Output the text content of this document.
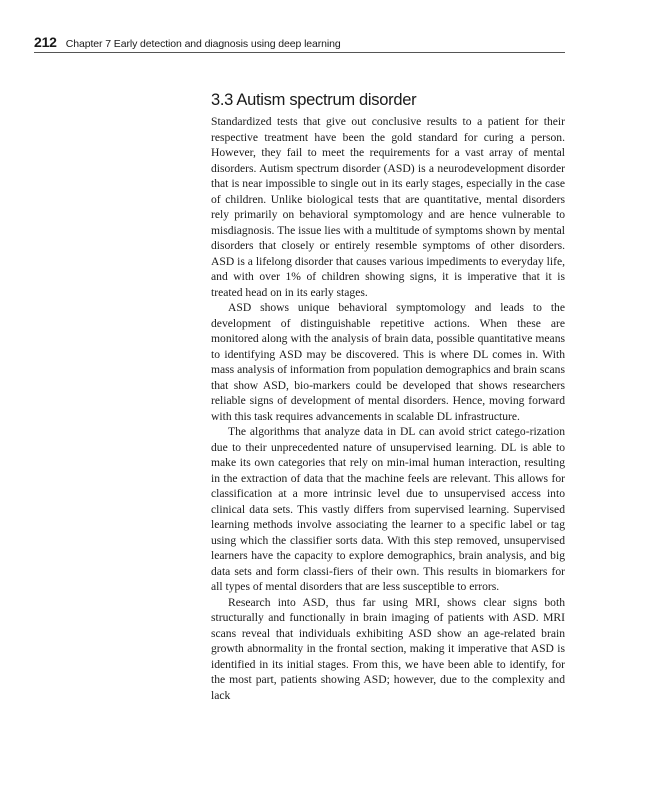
212 Chapter 7 Early detection and diagnosis using deep learning
3.3 Autism spectrum disorder

Standardized tests that give out conclusive results to a patient for their respective treatment have been the gold standard for curing a person. However, they fail to meet the requirements for a vast array of mental disorders. Autism spectrum disorder (ASD) is a neurodevelopment disorder that is near impossible to single out in its early stages, especially in the case of children. Unlike biological tests that are quantitative, mental disorders rely primarily on behavioral symptomology and are hence vulnerable to misdiagnosis. The issue lies with a multitude of symptoms shown by mental disorders that closely or entirely resemble symptoms of other disorders. ASD is a lifelong disorder that causes various impediments to everyday life, and with over 1% of children showing signs, it is imperative that it is treated head on in its early stages.

ASD shows unique behavioral symptomology and leads to the development of distinguishable repetitive actions. When these are monitored along with the analysis of brain data, possible quantitative means to identifying ASD may be discovered. This is where DL comes in. With mass analysis of information from population demographics and brain scans that show ASD, bio-markers could be developed that shows researchers reliable signs of development of mental disorders. Hence, moving forward with this task requires advancements in scalable DL infrastructure.

The algorithms that analyze data in DL can avoid strict catego-rization due to their unprecedented nature of unsupervised learning. DL is able to make its own categories that rely on min-imal human interaction, resulting in the extraction of data that the machine feels are relevant. This allows for classification at a more intrinsic level due to unsupervised access into clinical data sets. This vastly differs from supervised learning. Supervised learning methods involve associating the learner to a specific label or tag using which the classifier sorts data. With this step removed, unsupervised learners have the capacity to explore demographics, brain analysis, and big data sets and form classi-fiers of their own. This results in biomarkers for all types of mental disorders that are less susceptible to errors.

Research into ASD, thus far using MRI, shows clear signs both structurally and functionally in brain imaging of patients with ASD. MRI scans reveal that individuals exhibiting ASD show an age-related brain growth abnormality in the frontal section, making it imperative that ASD is identified in its initial stages. From this, we have been able to identify, for the most part, patients showing ASD; however, due to the complexity and lack
